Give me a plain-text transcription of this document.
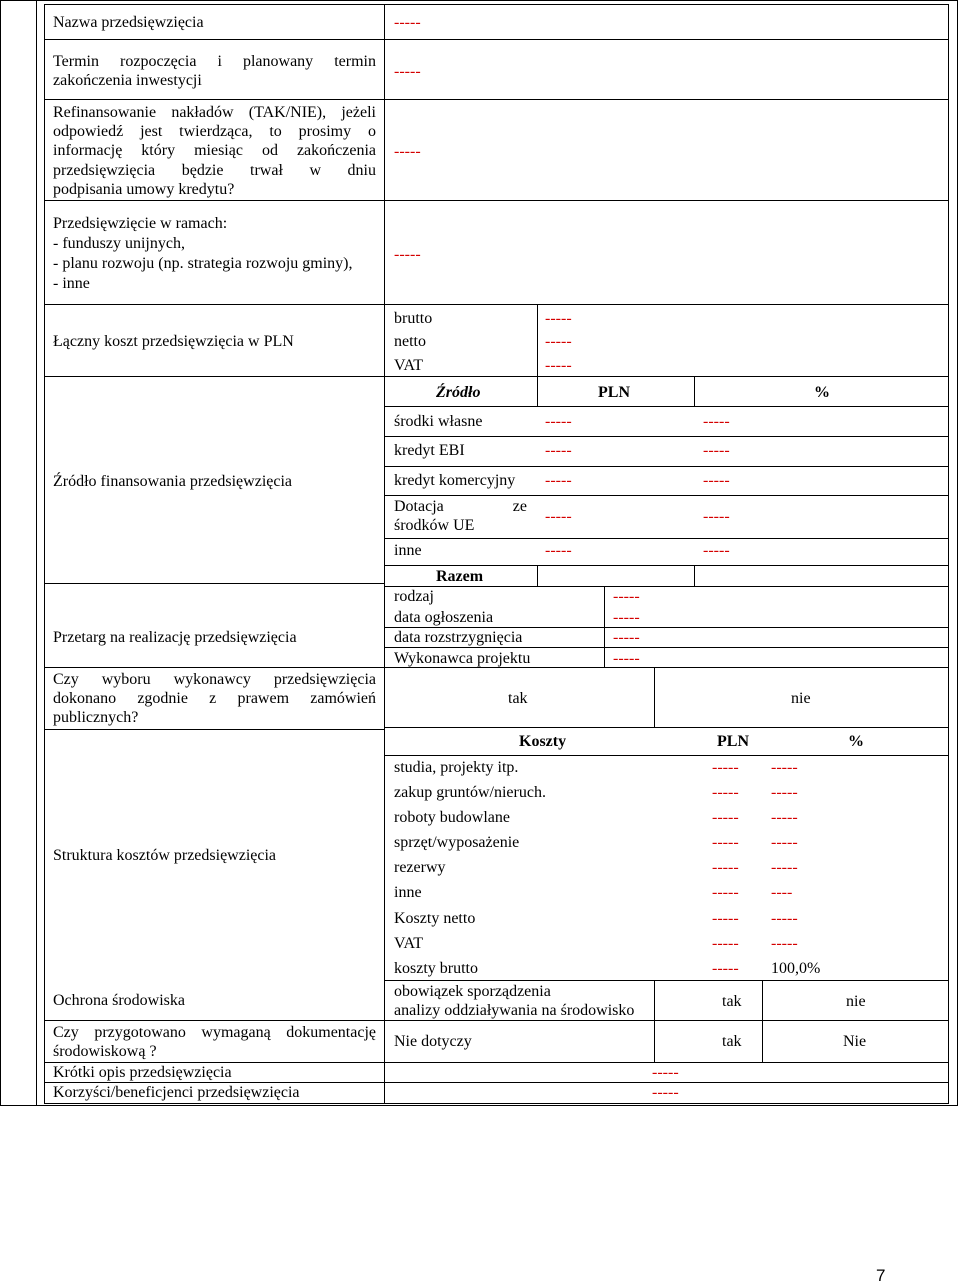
Nazwa przedsięwzięcia	-----
Termin rozpoczęcia i planowany termin
zakończenia inwestycji
-----
Refinansowanie nakładów (TAK/NIE), jeżeli
odpowiedź jest twierdząca, to prosimy o
informację który miesiąc od zakończenia
przedsięwzięcia będzie trwał w dniu
podpisania umowy kredytu?
-----
Przedsięwzięcie w ramach:
- funduszy unijnych,
- planu rozwoju (np. strategia rozwoju gminy),
- inne
-----
Łączny koszt przedsięwzięcia w PLN
brutto	-----
netto	-----
VAT	-----
Źródło finansowania przedsięwzięcia
Źródło	PLN	%
środki własne	-----	-----
kredyt EBI	-----	-----
kredyt komercyjny -----	-----
Dotacja ze
środków UE
-----	-----
inne	-----	-----
Razem
Przetarg na realizację przedsięwzięcia
rodzaj	-----
data ogłoszenia	-----
data rozstrzygnięcia	-----
Wykonawca projektu	-----
Czy wyboru wykonawcy przedsięwzięcia
dokonano zgodnie z prawem zamówień
publicznych?
tak	nie
Struktura kosztów przedsięwzięcia
Koszty	PLN	%
studia, projekty itp.	----- -----
zakup gruntów/nieruch.	----- -----
roboty budowlane	----- -----
sprzęt/wyposażenie	----- -----
rezerwy	----- -----
inne	----- ----
Koszty netto	----- -----
VAT	----- -----
koszty brutto	----- 100,0%
Ochrona środowiska
obowiązek sporządzenia
analizy oddziaływania na środowisko
tak	nie
Czy przygotowano wymaganą dokumentację
środowiskową ?
Nie dotyczy	tak	Nie
Krótki opis przedsięwzięcia	-----
Korzyści/beneficjenci przedsięwzięcia	-----
7
